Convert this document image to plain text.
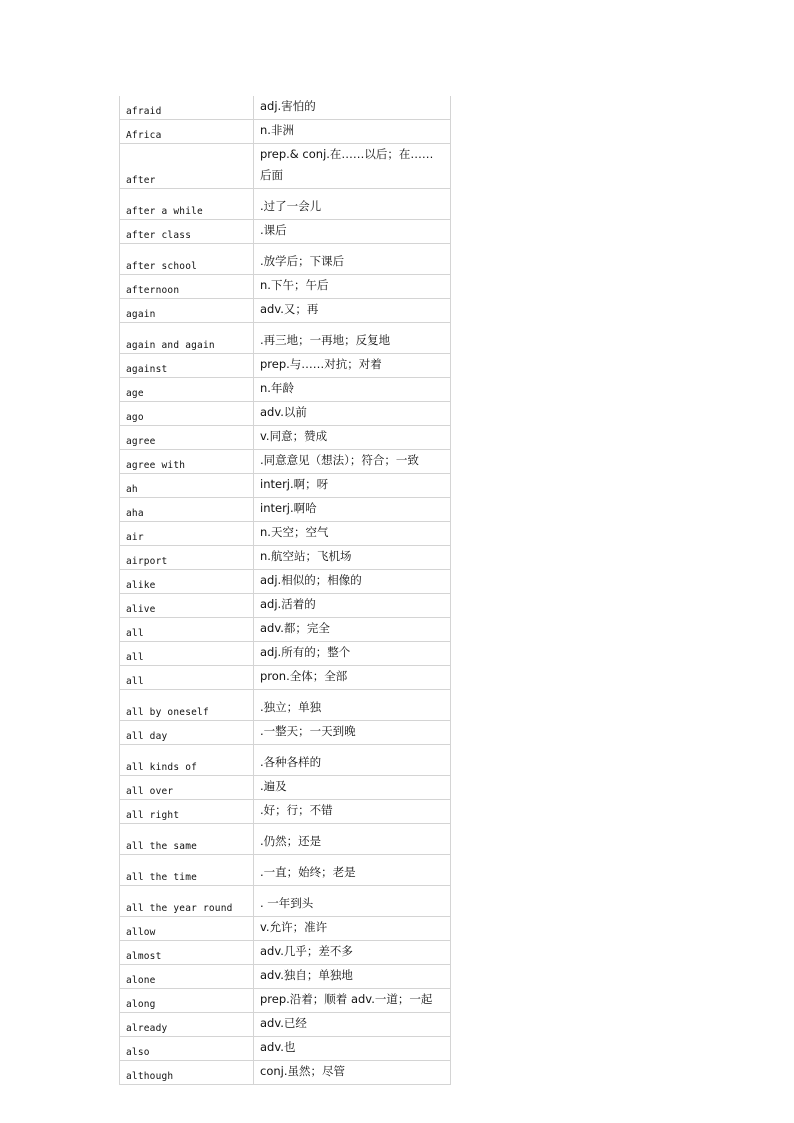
afraid	adj.害怕的
Africa	n.非洲
after	prep.& conj.在……以后；在……后面
after a while	.过了一会儿
after class	.课后
after school	.放学后；下课后
afternoon	n.下午；午后
again	adv.又；再
again and again	.再三地；一再地；反复地
against	prep.与……对抗；对着
age	n.年龄
ago	adv.以前
agree	v.同意；赞成
agree with	.同意意见（想法）；符合；一致
ah	interj.啊；呀
aha	interj.啊哈
air	n.天空；空气
airport	n.航空站；飞机场
alike	adj.相似的；相像的
alive	adj.活着的
all	adv.都；完全
all	adj.所有的；整个
all	pron.全体；全部
all by oneself	.独立；单独
all day	.一整天；一天到晚
all kinds of	.各种各样的
all over	.遍及
all right	.好；行；不错
all the same	.仍然；还是
all the time	.一直；始终；老是
all the year round	. 一年到头
allow	v.允许；准许
almost	adv.几乎；差不多
alone	adv.独自；单独地
along	prep.沿着；顺着 adv.一道；一起
already	adv.已经
also	adv.也
although	conj.虽然；尽管
